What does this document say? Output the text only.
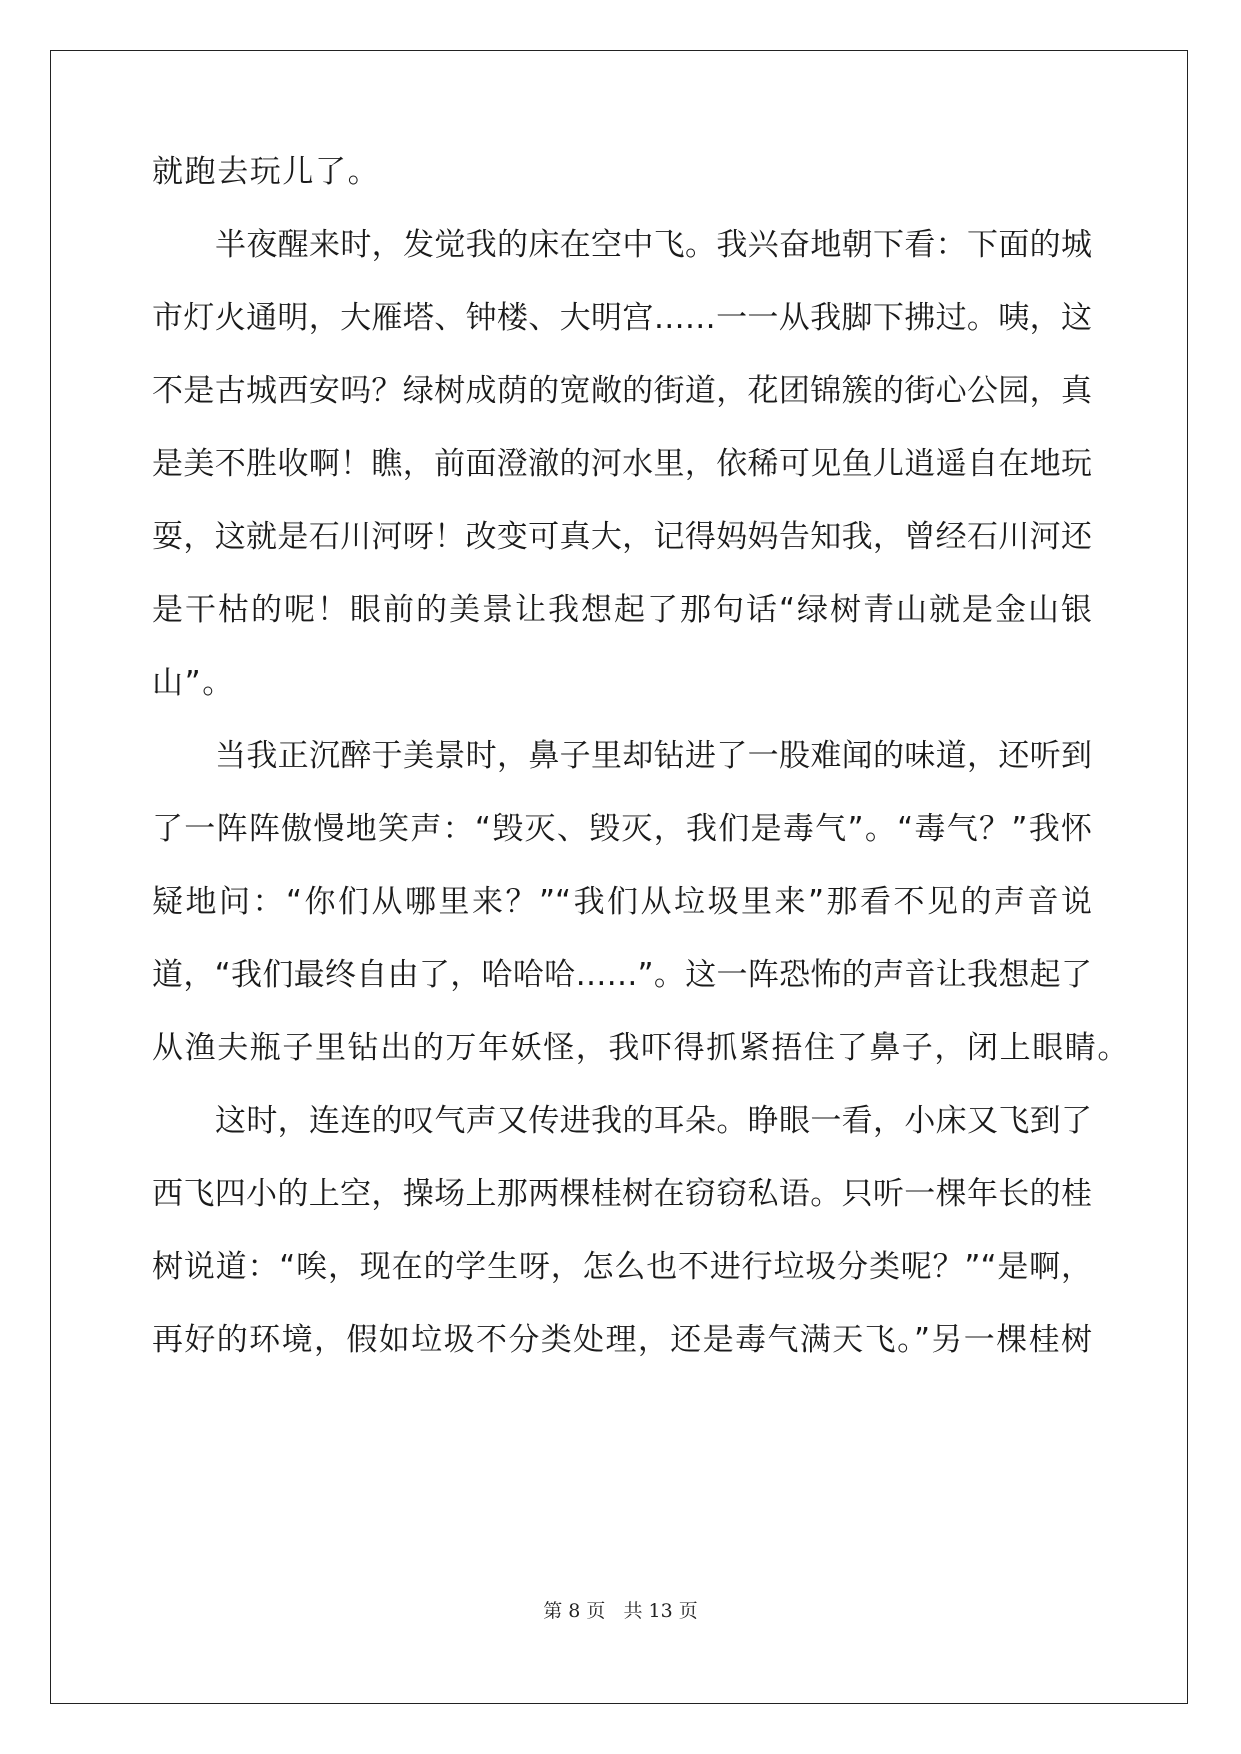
就跑去玩儿了。
半夜醒来时，发觉我的床在空中飞。我兴奋地朝下看：下面的城
市灯火通明，大雁塔、钟楼、大明宫……一一从我脚下拂过。咦，这
不是古城西安吗？绿树成荫的宽敞的街道，花团锦簇的街心公园，真
是美不胜收啊！瞧，前面澄澈的河水里，依稀可见鱼儿逍遥自在地玩
耍，这就是石川河呀！改变可真大，记得妈妈告知我，曾经石川河还
是干枯的呢！眼前的美景让我想起了那句话“绿树青山就是金山银
山”。
当我正沉醉于美景时，鼻子里却钻进了一股难闻的味道，还听到
了一阵阵傲慢地笑声：“毁灭、毁灭，我们是毒气”。“毒气？”我怀
疑地问：“你们从哪里来？”“我们从垃圾里来”那看不见的声音说
道，“我们最终自由了，哈哈哈……”。这一阵恐怖的声音让我想起了
从渔夫瓶子里钻出的万年妖怪，我吓得抓紧捂住了鼻子，闭上眼睛。
这时，连连的叹气声又传进我的耳朵。睁眼一看，小床又飞到了
西飞四小的上空，操场上那两棵桂树在窃窃私语。只听一棵年长的桂
树说道：“唉，现在的学生呀，怎么也不进行垃圾分类呢？”“是啊，
再好的环境，假如垃圾不分类处理，还是毒气满天飞。”另一棵桂树
第 8 页 共 13 页
